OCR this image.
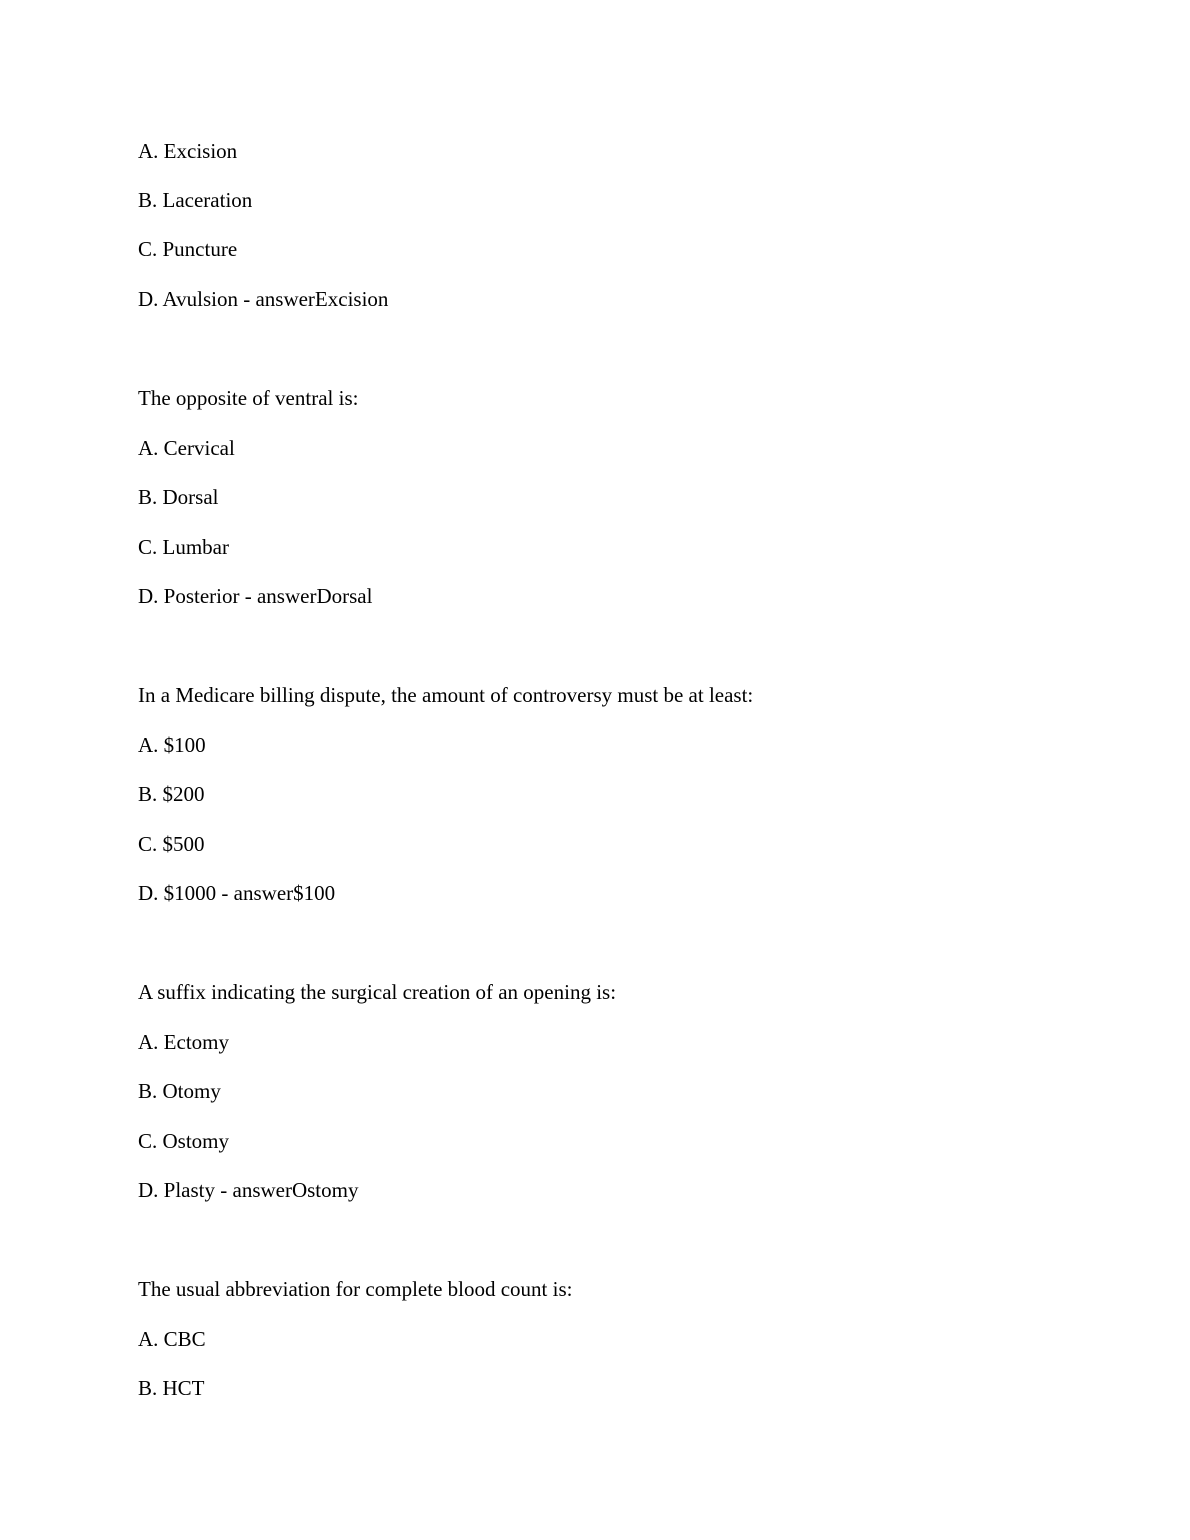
A. Excision

B. Laceration

C. Puncture

D. Avulsion - answerExcision

The opposite of ventral is:

A. Cervical

B. Dorsal

C. Lumbar

D. Posterior - answerDorsal

In a Medicare billing dispute, the amount of controversy must be at least:

A. $100

B. $200

C. $500

D. $1000 - answer$100

A suffix indicating the surgical creation of an opening is:

A. Ectomy

B. Otomy

C. Ostomy

D. Plasty - answerOstomy

The usual abbreviation for complete blood count is:

A. CBC

B. HCT
